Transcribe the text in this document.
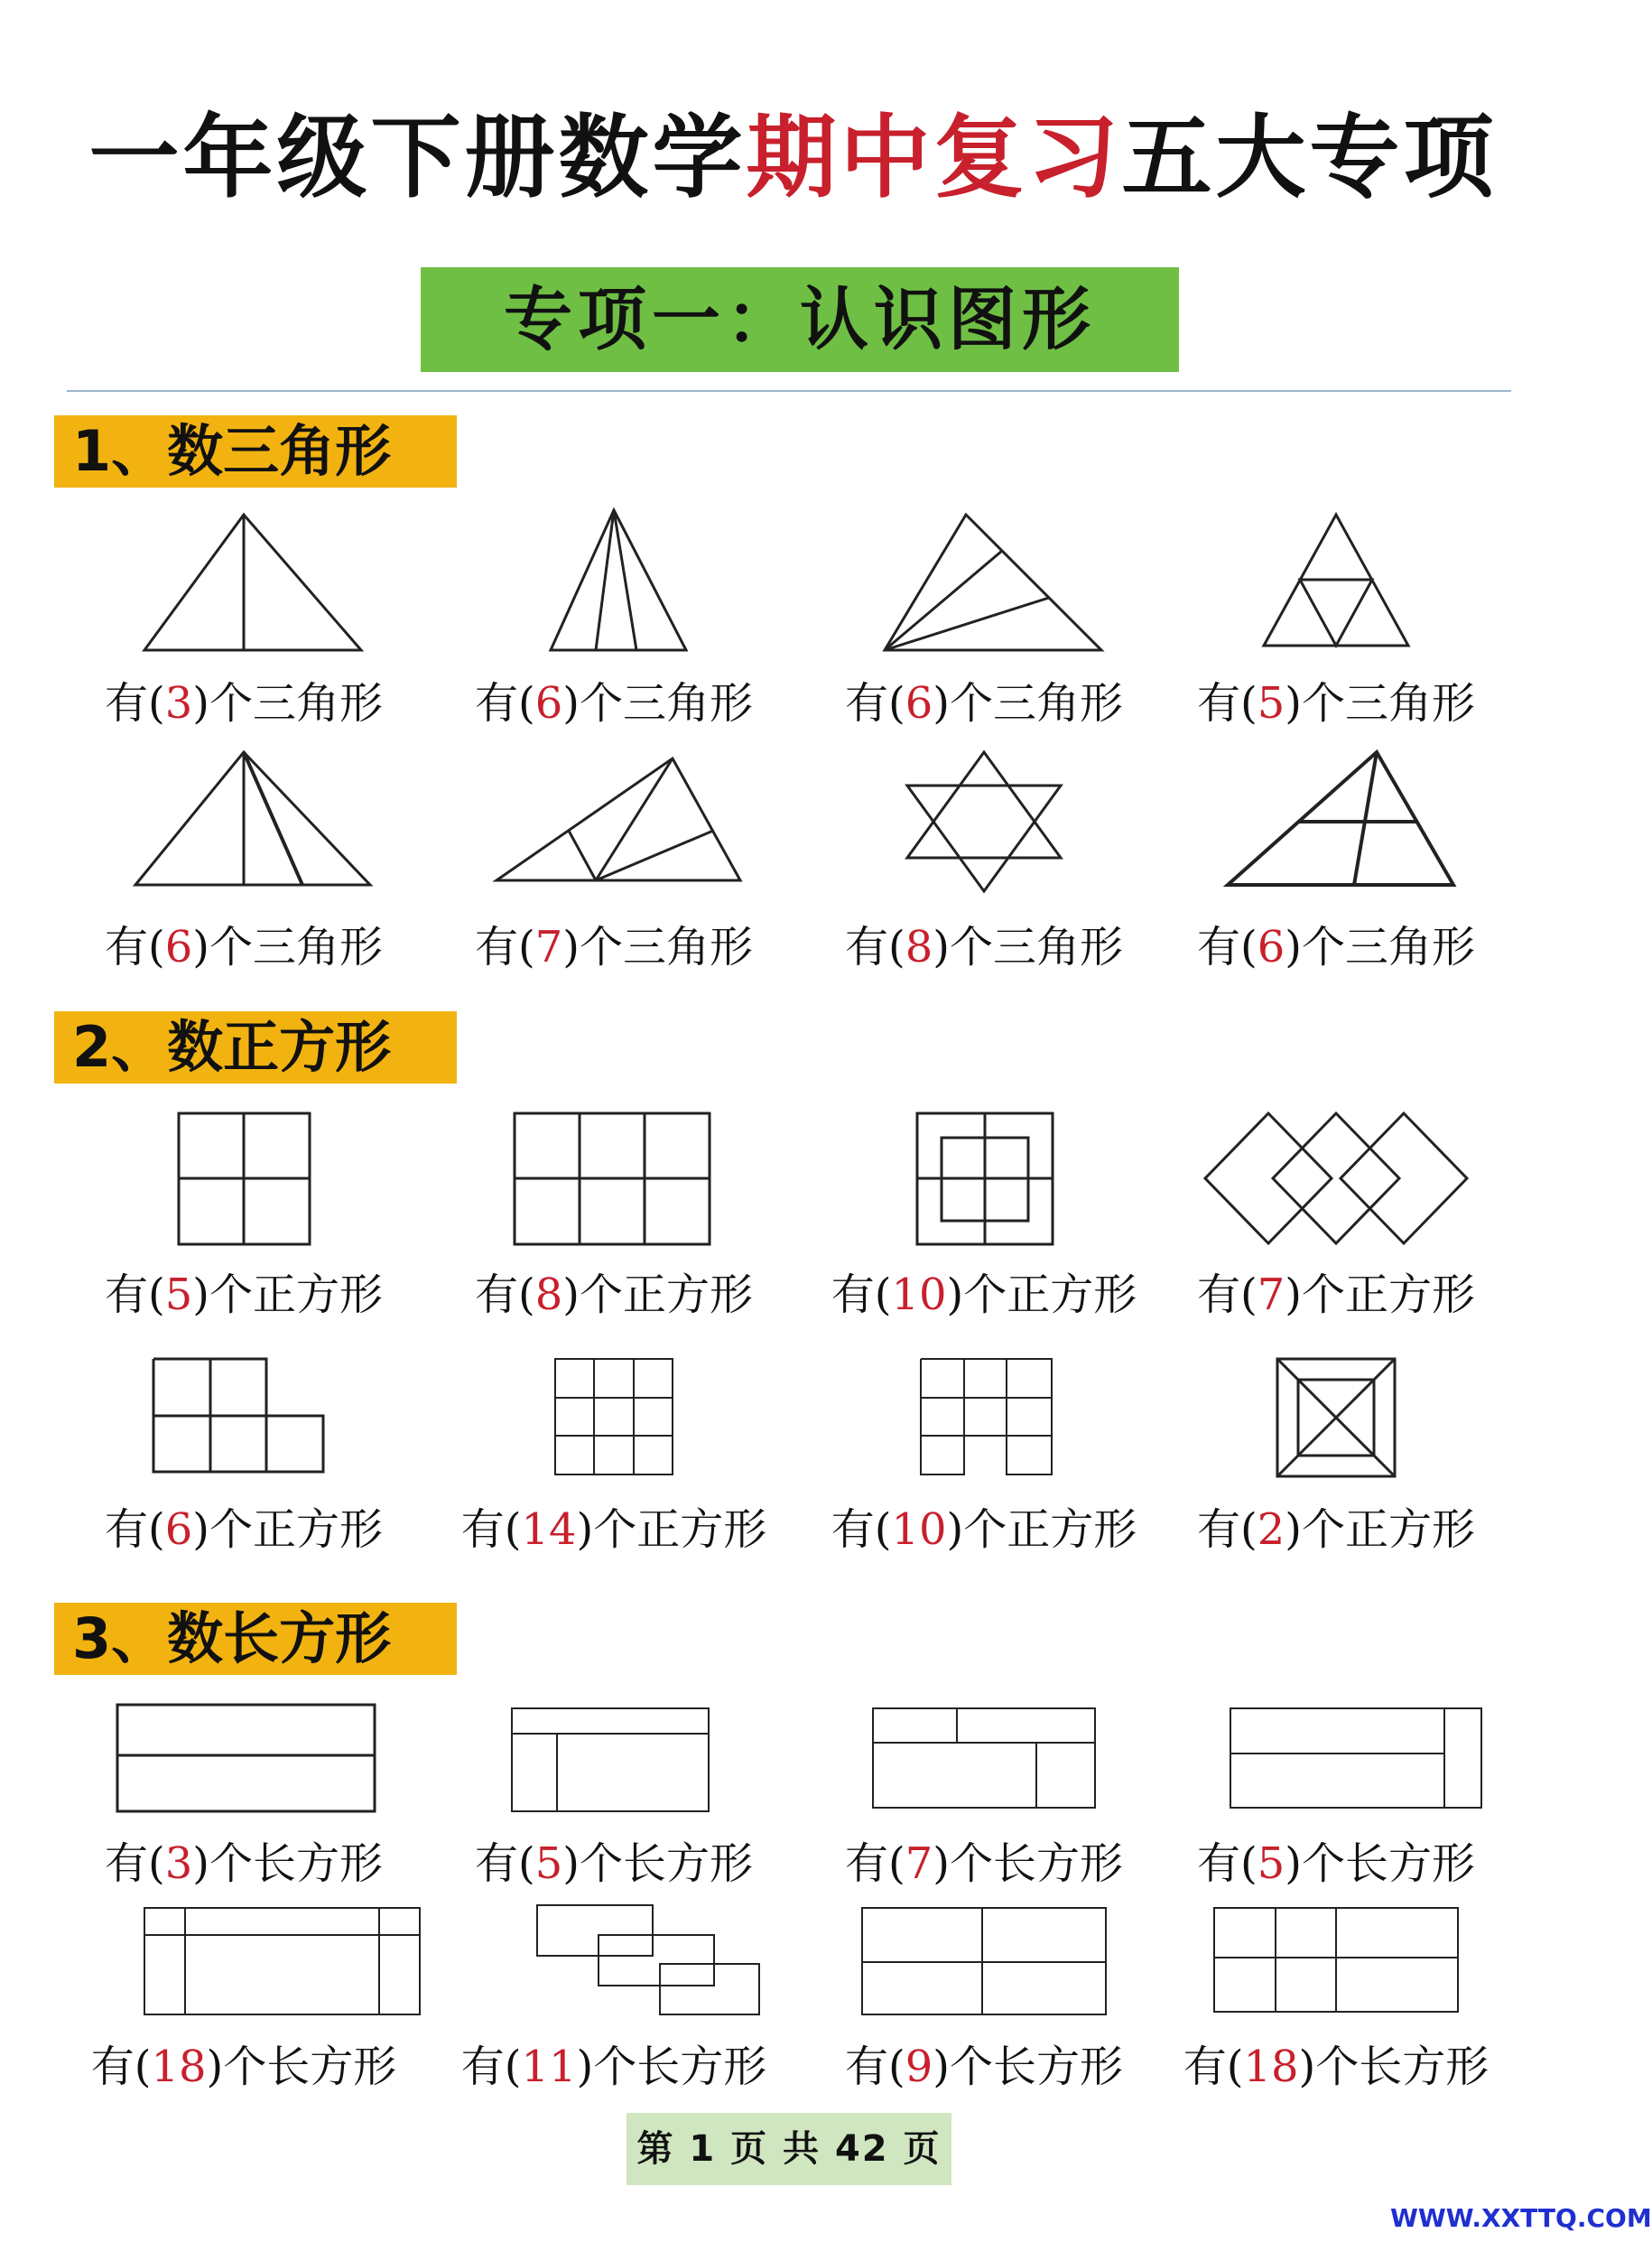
一年级下册数学期中复习五大专项
专项一：认识图形
1、数三角形
有(3)个三角形	有(6)个三角形	有(6)个三角形	有(5)个三角形
有(6)个三角形	有(7)个三角形	有(8)个三角形	有(6)个三角形
2、数正方形
有(5)个正方形	有(8)个正方形	有(10)个正方形	有(7)个正方形
有(6)个正方形	有(14)个正方形	有(10)个正方形	有(2)个正方形
3、数长方形
有(3)个长方形	有(5)个长方形	有(7)个长方形	有(5)个长方形
有(18)个长方形	有(11)个长方形	有(9)个长方形	有(18)个长方形
第 1 页 共 42 页
WWW.XXTTQ.COM
